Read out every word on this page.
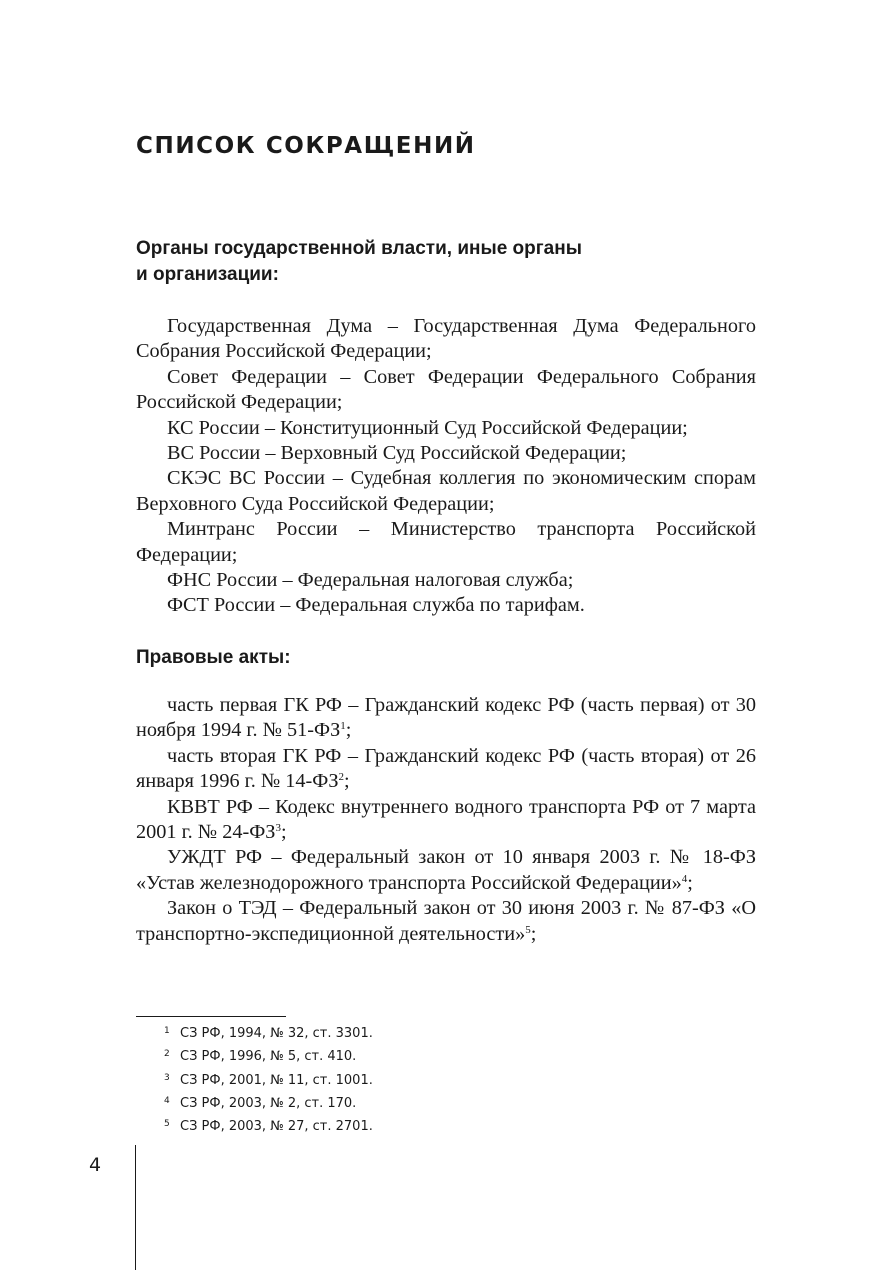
СПИСОК СОКРАЩЕНИЙ
Органы государственной власти, иные органы
и организации:

Государственная Дума – Государственная Дума Федерального Собрания Российской Федерации;

Совет Федерации – Совет Федерации Федерального Собрания Российской Федерации;

КС России – Конституционный Суд Российской Федерации;

ВС России – Верховный Суд Российской Федерации;

СКЭС ВС России – Судебная коллегия по экономическим спорам Верховного Суда Российской Федерации;

Минтранс России – Министерство транспорта Российской Федерации;

ФНС России – Федеральная налоговая служба;

ФСТ России – Федеральная служба по тарифам.

Правовые акты:

часть первая ГК РФ – Гражданский кодекс РФ (часть первая) от 30 ноября 1994 г. № $51-ФЗ^1$;

часть вторая ГК РФ – Гражданский кодекс РФ (часть вторая) от 26 января 1996 г. № $14-ФЗ^2$;

КВВТ РФ – Кодекс внутреннего водного транспорта РФ от 7 марта 2001 г. № $24-ФЗ^3$;

УЖДТ РФ – Федеральный закон от 10 января 2003 г. № 18-ФЗ «Устав железнодорожного транспорта Российской Федерации»$^4$;

Закон о ТЭД – Федеральный закон от 30 июня 2003 г. № 87-ФЗ «О транспортно-экспедиционной деятельности»$^5$;

1 СЗ РФ, 1994, № 32, ст. 3301.
2 СЗ РФ, 1996, № 5, ст. 410.
3 СЗ РФ, 2001, № 11, ст. 1001.
4 СЗ РФ, 2003, № 2, ст. 170.
5 СЗ РФ, 2003, № 27, ст. 2701.
4
